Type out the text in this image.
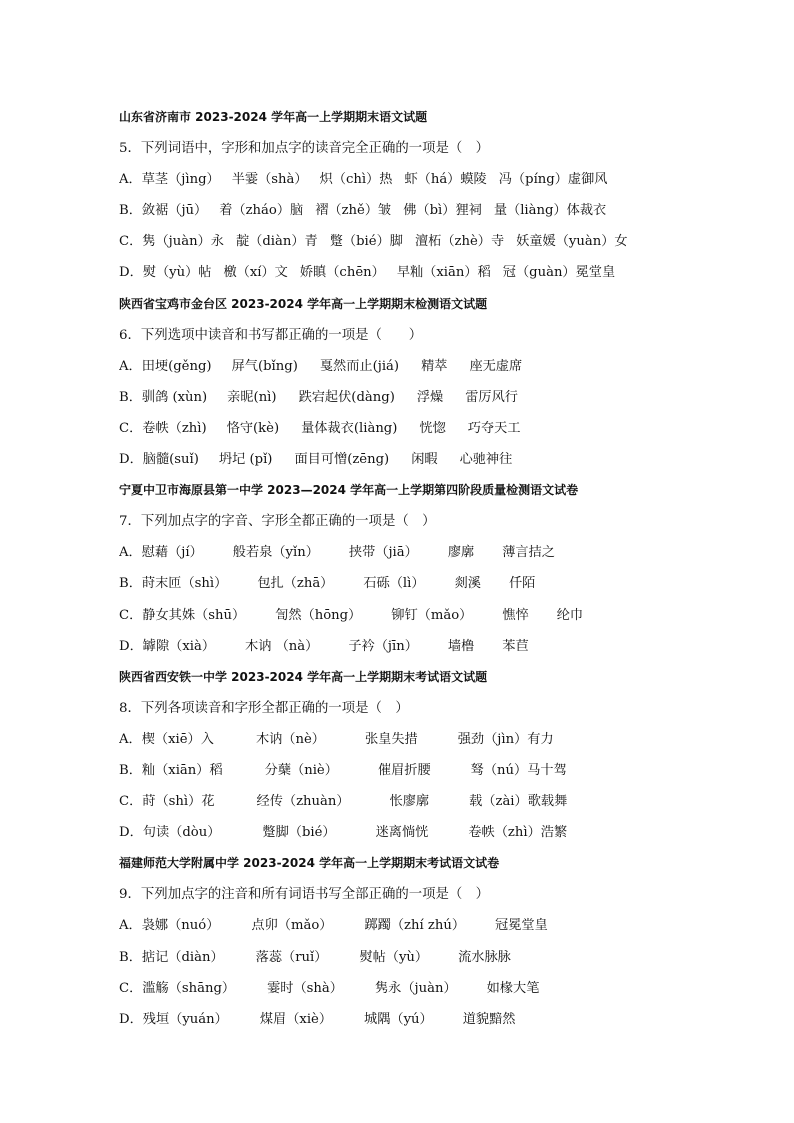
山东省济南市 2023-2024 学年高一上学期期末语文试题
5．下列词语中，字形和加点字的读音完全正确的一项是（　）
A． 草茎（jìng） 半霎（shà） 炽（chì）热 虾（há）蟆陵 冯（píng）虚御风
B． 敛裾（jū） 着（zháo）脑 褶（zhě）皱 佛（bì）狸祠 量（liàng）体裁衣
C． 隽（juàn）永 靛（diàn）青 蹩（bié）脚 澶柘（zhè）寺 妖童媛（yuàn）女
D． 熨（yù）帖 檄（xí）文 娇瞋（chēn） 早籼（xiān）稻 冠（guàn）冕堂皇
陕西省宝鸡市金台区 2023-2024 学年高一上学期期末检测语文试题
6．下列选项中读音和书写都正确的一项是（　　）
A． 田埂(gěng) 屏气(bǐng) 戛然而止(jiá) 精萃 座无虚席
B． 驯鸽 (xùn) 亲昵(nì) 跌宕起伏(dàng) 浮燥 雷厉风行
C． 卷帙（zhì) 恪守(kè) 量体裁衣(liàng) 恍惚 巧夺天工
D． 脑髓(suǐ) 坍圮 (pǐ) 面目可憎(zēng) 闲暇 心驰神往
宁夏中卫市海原县第一中学 2023—2024 学年高一上学期第四阶段质量检测语文试卷
7．下列加点字的字音、字形全都正确的一项是（　）
A． 慰藉（jí） 般若泉（yǐn） 挟带（jiā） 廖廓 薄言拮之
B． 莳末匝（shì） 包扎（zhā） 石砾（lì） 剡溪 仟陌
C． 静女其姝（shū） 訇然（hōng） 铆钉（mǎo） 憔悴 纶巾
D． 罅隙（xià） 木讷 （nà） 子衿（jīn） 墙橹 苯苣
陕西省西安铁一中学 2023-2024 学年高一上学期期末考试语文试题
8．下列各项读音和字形全都正确的一项是（　）
A． 楔（xiē）入	木讷（nè）	张皇失措	强劲（jìn）有力
B． 籼（xiān）稻	分蘖（niè）	催眉折腰	驽（nú）马十驾
C． 莳（shì）花	经传（zhuàn）	怅廖廓	载（zài）歌载舞
D． 句读（dòu）	蹩脚（bié）	迷离惝恍	卷帙（zhì）浩繁
福建师范大学附属中学 2023-2024 学年高一上学期期末考试语文试卷
9．下列加点字的注音和所有词语书写全部正确的一项是（　）
A． 袅娜（nuó） 点卯（mǎo） 踯躅（zhí zhú） 冠冕堂皇
B． 掂记（diàn） 落蕊（ruǐ） 熨帖（yù） 流水脉脉
C． 滥觞（shāng） 霎时（shà） 隽永（juàn） 如椽大笔
D． 残垣（yuán） 煤眉（xiè） 城隅（yú） 道貌黯然
